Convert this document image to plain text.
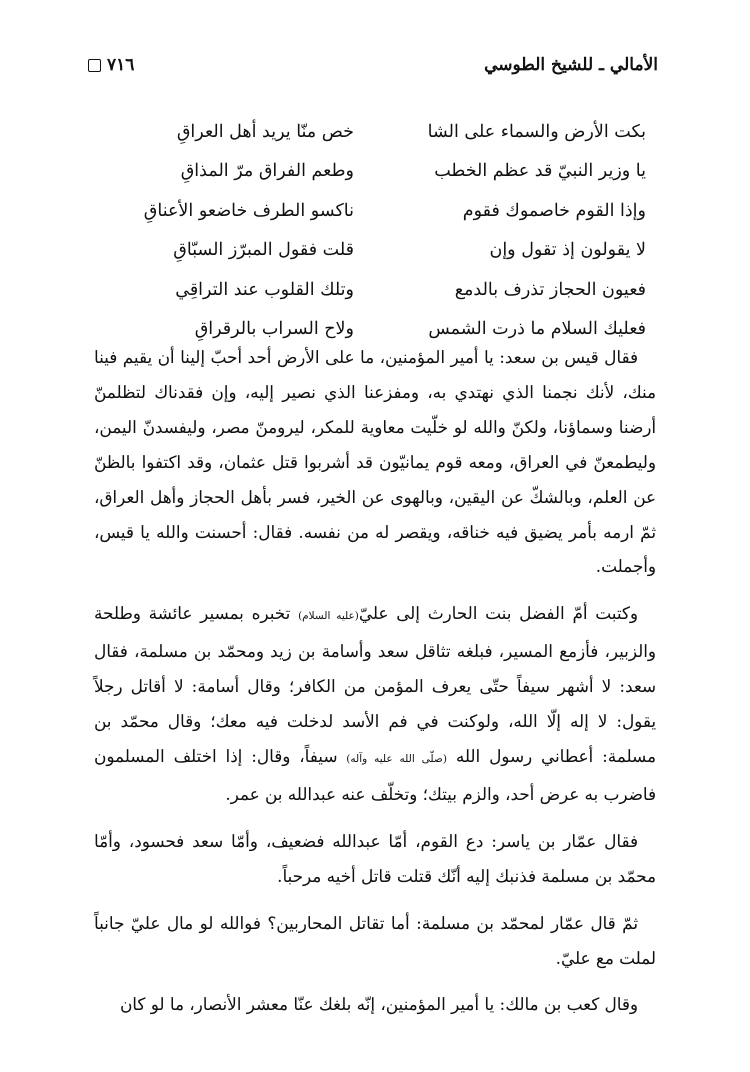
الأمالي ـ للشيخ الطوسي
٧١٦
بكت الأرض والسماء على الشا
خص منّا يريد أهل العراقِ
يا وزير النبيّ قد عظم الخطب
وطعم الفراق مرّ المذاقِ
وإذا القوم خاصموك فقوم
ناكسو الطرف خاضعو الأعناقِ
لا يقولون إذ تقول وإن
قلت فقول المبرّز السبّاقِ
فعيون الحجاز تذرف بالدمع
وتلك القلوب عند التراقِي
فعليك السلام ما ذرت الشمس
ولاح السراب بالرقراقِ

فقال قيس بن سعد: يا أمير المؤمنين، ما على الأرض أحد أحبّ إلينا أن يقيم فينا منك، لأنك نجمنا الذي نهتدي به، ومفزعنا الذي نصير إليه، وإن فقدناك لتظلمنّ أرضنا وسماؤنا، ولكنّ والله لو خلّيت معاوية للمكر، ليرومنّ مصر، وليفسدنّ اليمن، وليطمعنّ في العراق، ومعه قوم يمانيّون قد أشربوا قتل عثمان، وقد اكتفوا بالظنّ عن العلم، وبالشكّ عن اليقين، وبالهوى عن الخير، فسر بأهل الحجاز وأهل العراق، ثمّ ارمه بأمر يضيق فيه خناقه، ويقصر له من نفسه. فقال: أحسنت والله يا قيس، وأجملت.

وكتبت أمّ الفضل بنت الحارث إلى عليّ(عليه السلام) تخبره بمسير عائشة وطلحة والزبير، فأزمع المسير، فبلغه تثاقل سعد وأسامة بن زيد ومحمّد بن مسلمة، فقال سعد: لا أشهر سيفاً حتّى يعرف المؤمن من الكافر؛ وقال أسامة: لا أقاتل رجلاً يقول: لا إله إلّا الله، ولوكنت في فم الأسد لدخلت فيه معك؛ وقال محمّد بن مسلمة: أعطاني رسول الله (صلّى الله عليه وآله) سيفاً، وقال: إذا اختلف المسلمون فاضرب به عرض أحد، والزم بيتك؛ وتخلّف عنه عبدالله بن عمر.

فقال عمّار بن ياسر: دع القوم، أمّا عبدالله فضعيف، وأمّا سعد فحسود، وأمّا محمّد بن مسلمة فذنبك إليه أنّك قتلت قاتل أخيه مرحباً.

ثمّ قال عمّار لمحمّد بن مسلمة: أما تقاتل المحاربين؟ فوالله لو مال عليّ جانباً لملت مع عليّ.

وقال كعب بن مالك: يا أمير المؤمنين، إنّه بلغك عنّا معشر الأنصار، ما لو كان
